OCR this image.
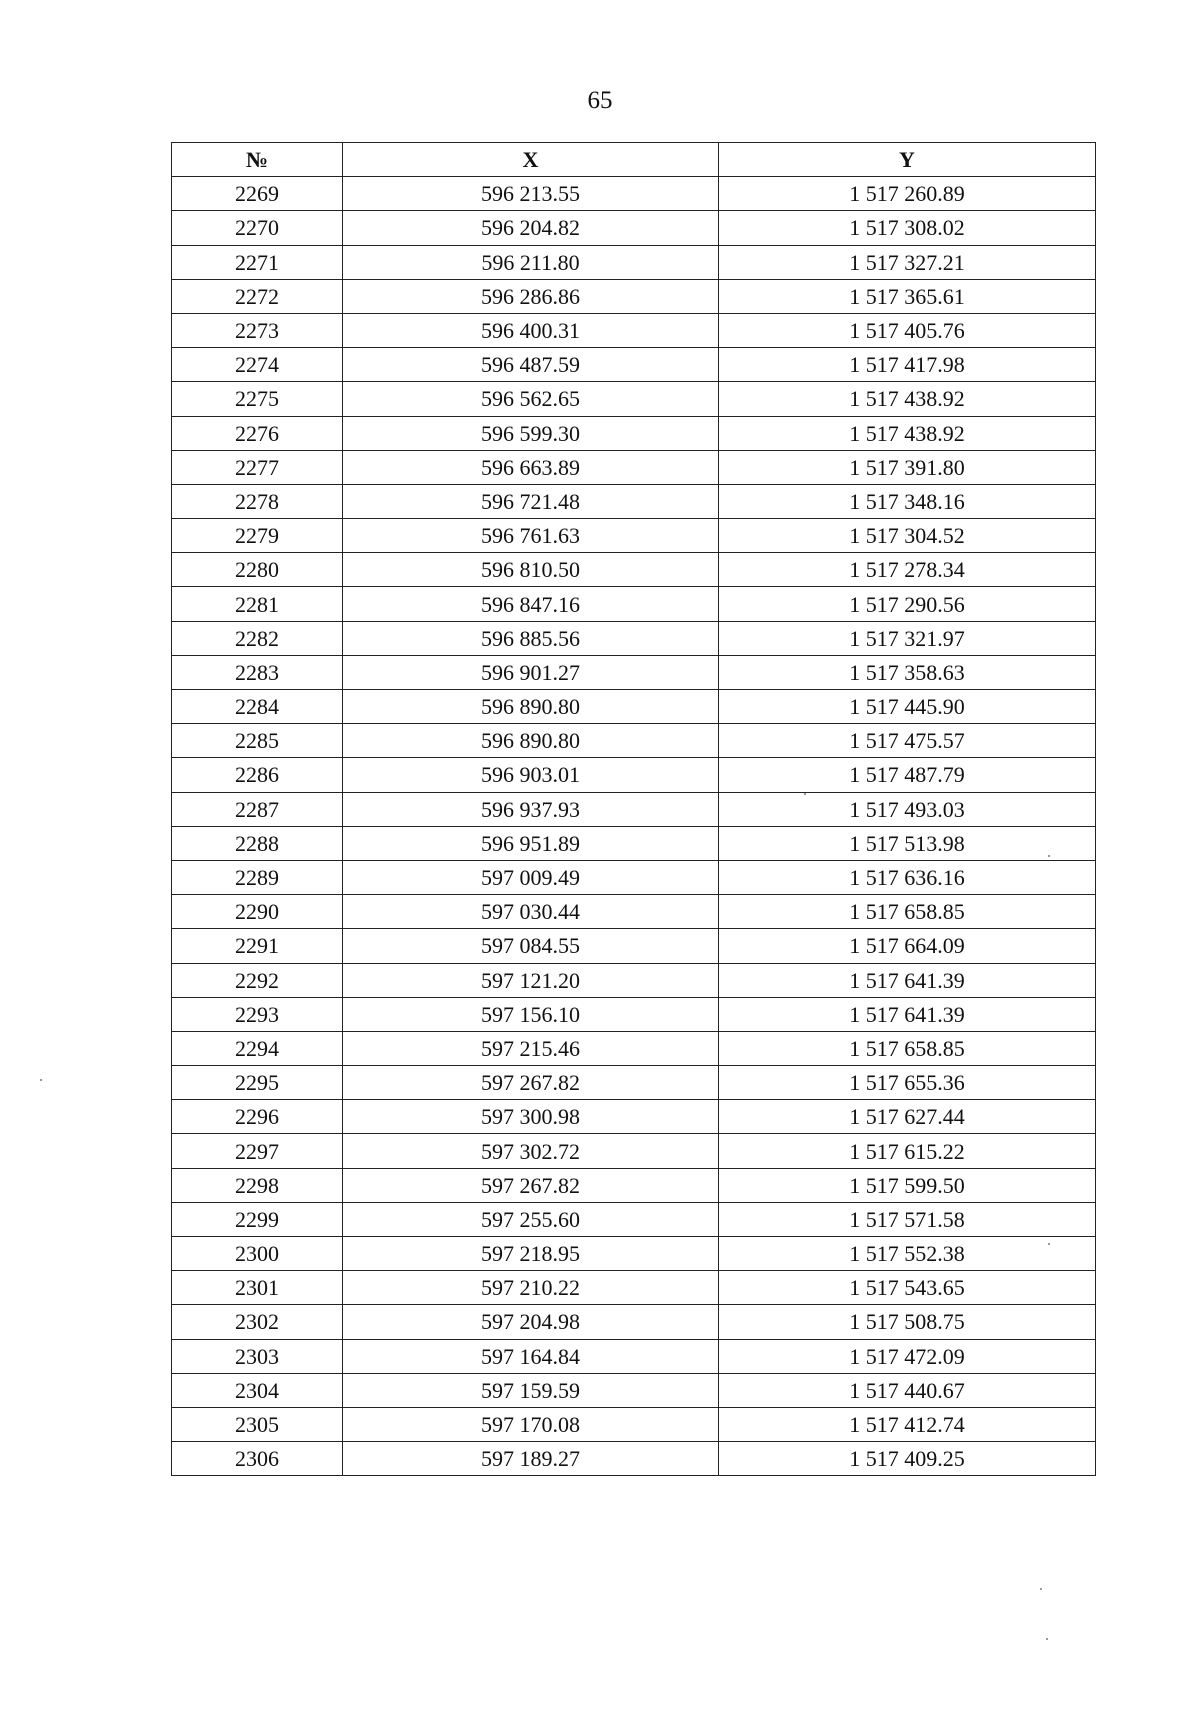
65
№	X	Y
2269	596 213.55	1 517 260.89
2270	596 204.82	1 517 308.02
2271	596 211.80	1 517 327.21
2272	596 286.86	1 517 365.61
2273	596 400.31	1 517 405.76
2274	596 487.59	1 517 417.98
2275	596 562.65	1 517 438.92
2276	596 599.30	1 517 438.92
2277	596 663.89	1 517 391.80
2278	596 721.48	1 517 348.16
2279	596 761.63	1 517 304.52
2280	596 810.50	1 517 278.34
2281	596 847.16	1 517 290.56
2282	596 885.56	1 517 321.97
2283	596 901.27	1 517 358.63
2284	596 890.80	1 517 445.90
2285	596 890.80	1 517 475.57
2286	596 903.01	1 517 487.79
2287	596 937.93	1 517 493.03
2288	596 951.89	1 517 513.98
2289	597 009.49	1 517 636.16
2290	597 030.44	1 517 658.85
2291	597 084.55	1 517 664.09
2292	597 121.20	1 517 641.39
2293	597 156.10	1 517 641.39
2294	597 215.46	1 517 658.85
2295	597 267.82	1 517 655.36
2296	597 300.98	1 517 627.44
2297	597 302.72	1 517 615.22
2298	597 267.82	1 517 599.50
2299	597 255.60	1 517 571.58
2300	597 218.95	1 517 552.38
2301	597 210.22	1 517 543.65
2302	597 204.98	1 517 508.75
2303	597 164.84	1 517 472.09
2304	597 159.59	1 517 440.67
2305	597 170.08	1 517 412.74
2306	597 189.27	1 517 409.25
